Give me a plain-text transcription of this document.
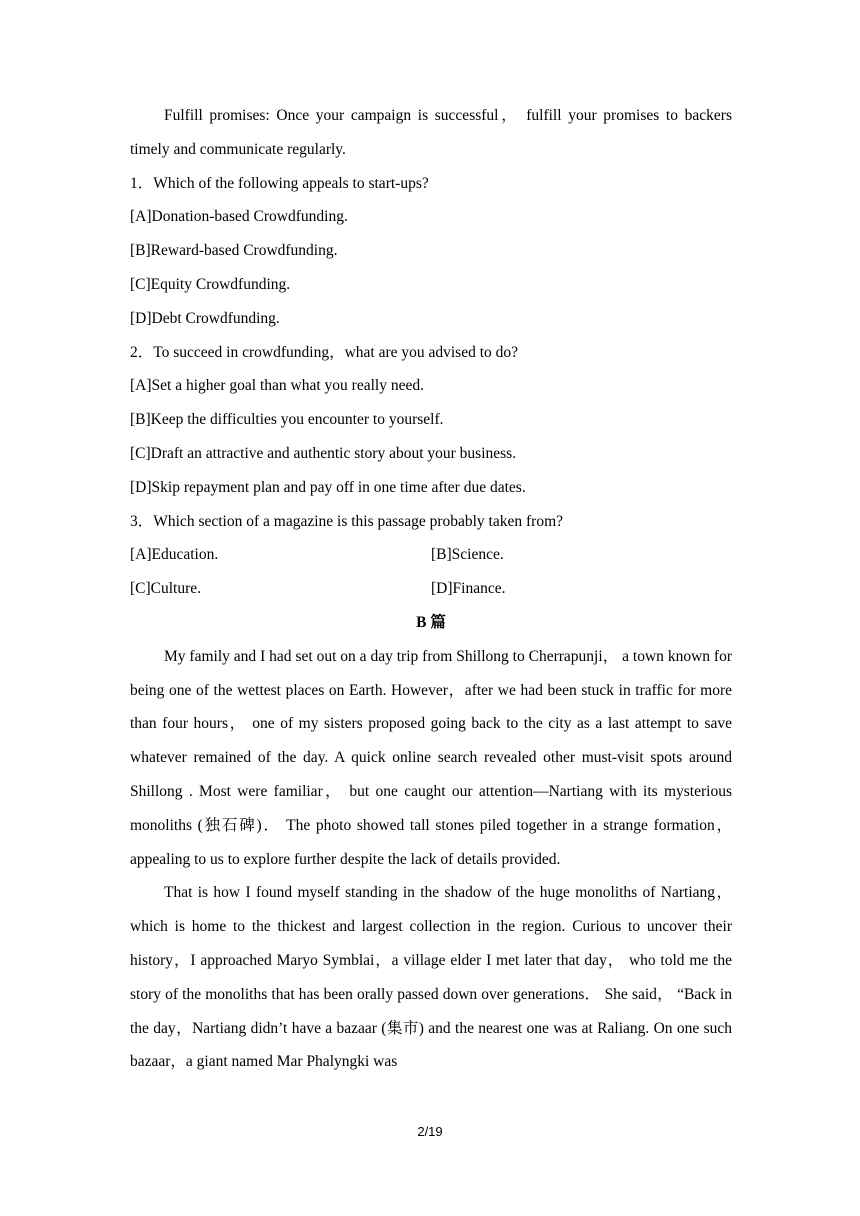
Fulfill promises: Once your campaign is successful， fulfill your promises to backers timely and communicate regularly.

1．Which of the following appeals to start-ups?
[A]Donation-based Crowdfunding.
[B]Reward-based Crowdfunding.
[C]Equity Crowdfunding.
[D]Debt Crowdfunding.
2．To succeed in crowdfunding，what are you advised to do?
[A]Set a higher goal than what you really need.
[B]Keep the difficulties you encounter to yourself.
[C]Draft an attractive and authentic story about your business.
[D]Skip repayment plan and pay off in one time after due dates.
3．Which section of a magazine is this passage probably taken from?
[A]Education.	[B]Science.
[C]Culture.	[D]Finance.
B 篇

My family and I had set out on a day trip from Shillong to Cherrapunji， a town known for being one of the wettest places on Earth. However，after we had been stuck in traffic for more than four hours， one of my sisters proposed going back to the city as a last attempt to save whatever remained of the day. A quick online search revealed other must-visit spots around Shillong . Most were familiar， but one caught our attention—Nartiang with its mysterious monoliths (独石碑)． The photo showed tall stones piled together in a strange formation，appealing to us to explore further despite the lack of details provided.

That is how I found myself standing in the shadow of the huge monoliths of Nartiang，which is home to the thickest and largest collection in the region. Curious to uncover their history，I approached Maryo Symblai，a village elder I met later that day， who told me the story of the monoliths that has been orally passed down over generations． She said， “Back in the day，Nartiang didn’t have a bazaar (集市) and the nearest one was at Raliang. On one such bazaar，a giant named Mar Phalyngki was

2/19
